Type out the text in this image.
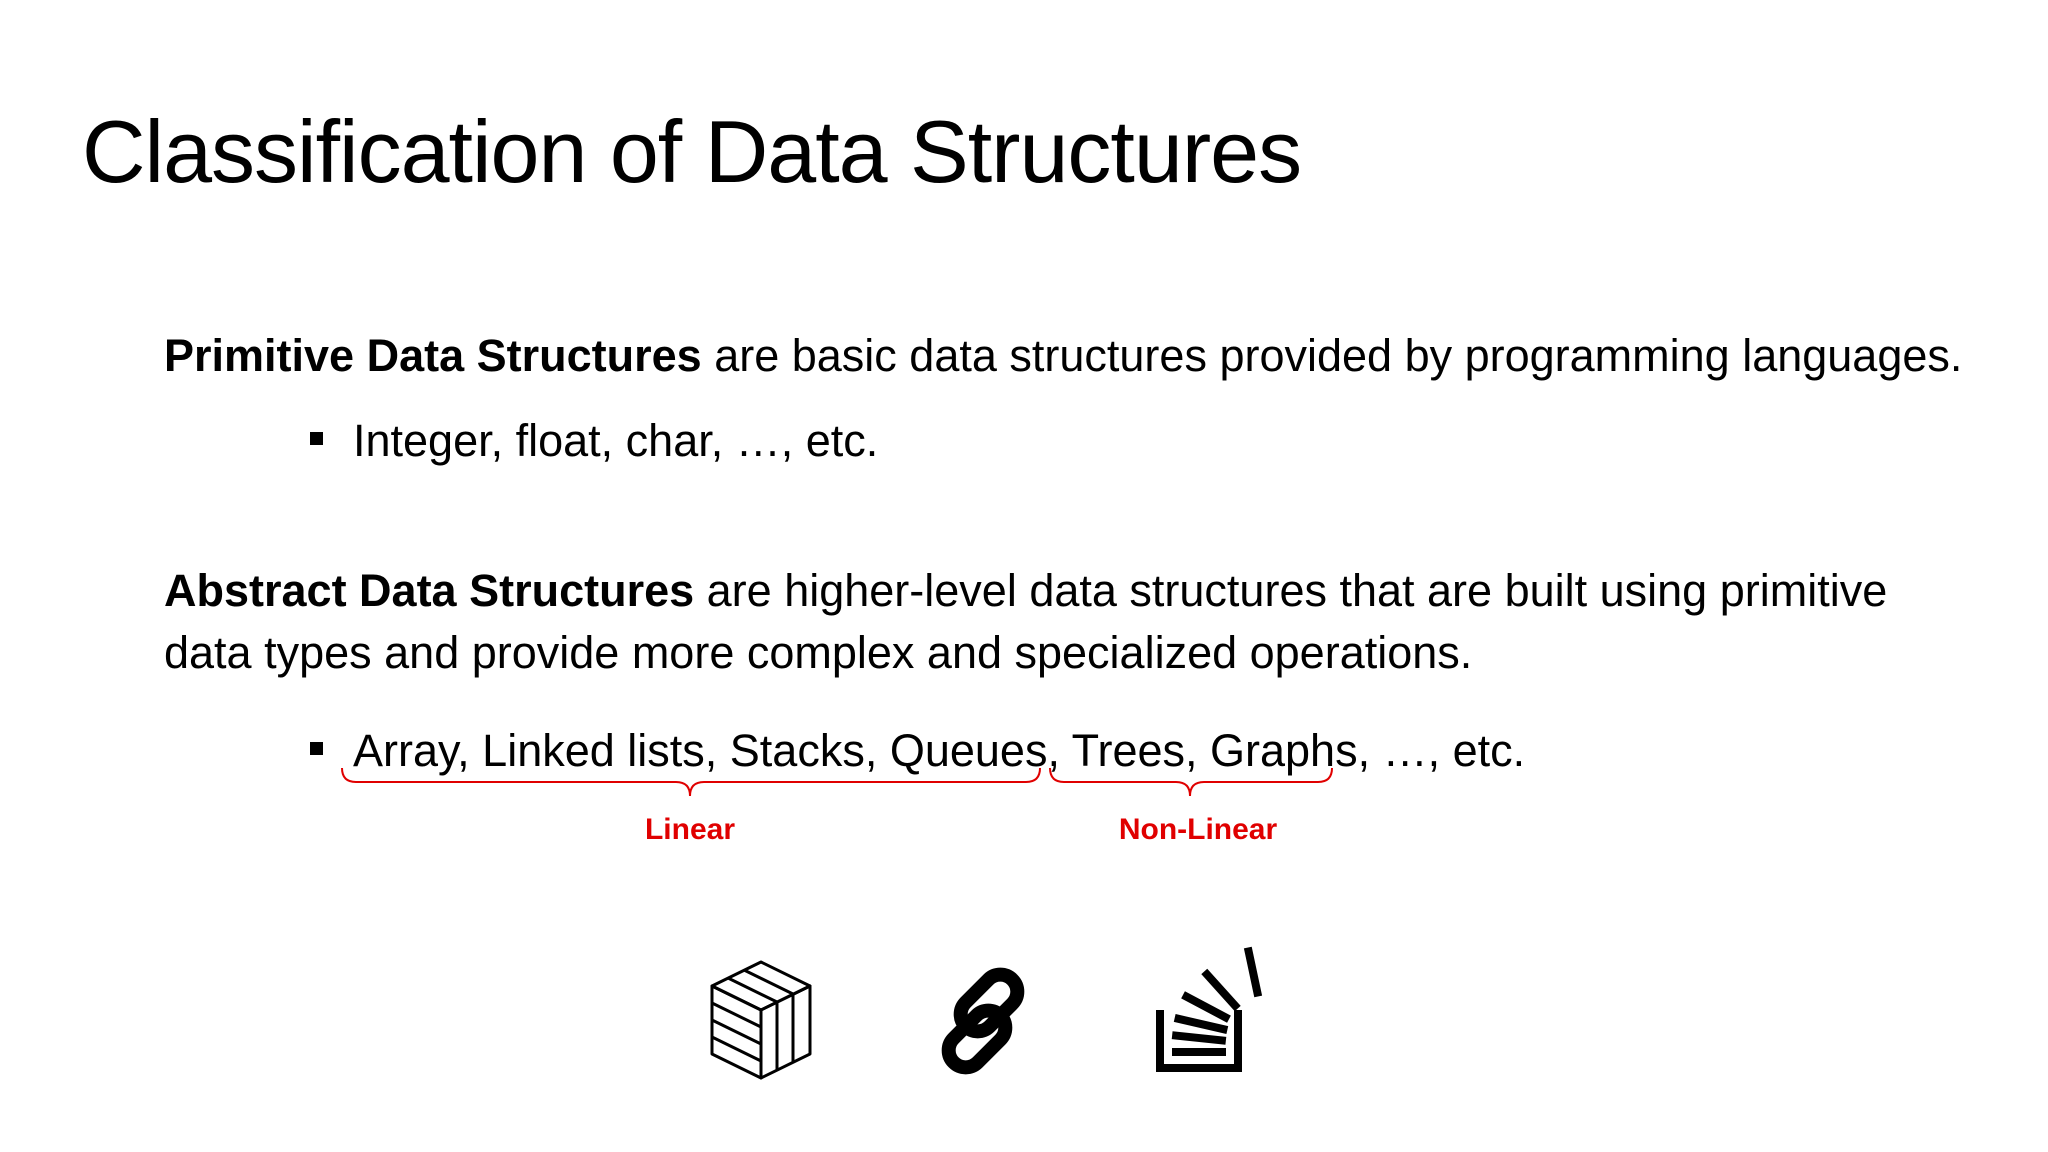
Classification of Data Structures
Primitive Data Structures are basic data structures provided by programming languages.
Integer, float, char, …, etc.
Abstract Data Structures are higher-level data structures that are built using primitive
data types and provide more complex and specialized operations.
Array, Linked lists, Stacks, Queues, Trees, Graphs, …, etc.
Linear	Non-Linear
